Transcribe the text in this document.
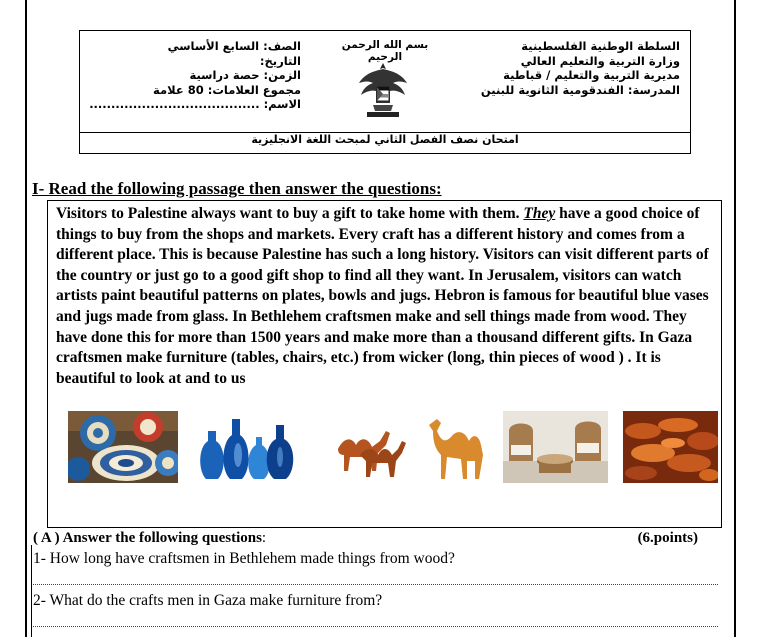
السلطة الوطنية الفلسطينية
وزارة التربية والتعليم العالي
مديرية التربية والتعليم / قباطية
المدرسة: الفندقومية الثانوية للبنين
بسم الله الرحمن الرحيم
الصف: السابع الأساسي
التاريخ:
الزمن: حصة دراسية
مجموع العلامات: 80 علامة
الاسم: .......................................
امتحان نصف الفصل الثاني لمبحث اللغة الانجليزية
I- Read the following passage then answer the questions:
Visitors to Palestine always want to buy a gift to take home with them. They have a good choice of things to buy from the shops and markets. Every craft has a different history and comes from a different place. This is because Palestine has such a long history. Visitors can visit different parts of the country or just go to a good gift shop to find all they want. In Jerusalem, visitors can watch artists paint beautiful patterns on plates, bowls and jugs. Hebron is famous for beautiful blue vases and jugs made from glass. In Bethlehem craftsmen make and sell things made from wood. They have done this for more than 1500 years and make more than a thousand different gifts. In Gaza craftsmen make furniture (tables, chairs, etc.) from wicker (long, thin pieces of wood ) . It is beautiful to look at and to us
( A ) Answer the following questions:	(6.points)
1- How long have craftsmen in Bethlehem made things from wood?
2- What do the crafts men in Gaza make furniture from?
